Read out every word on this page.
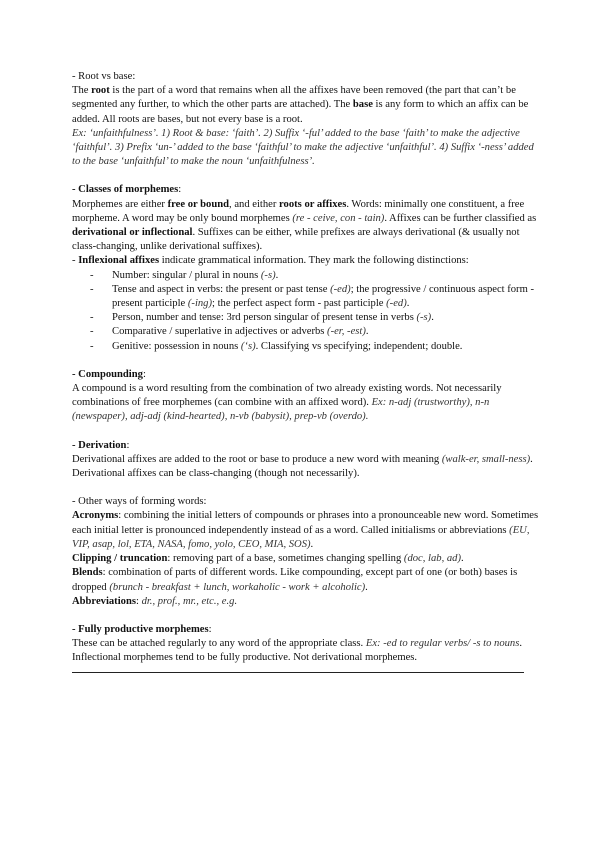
- Root vs base:
The root is the part of a word that remains when all the affixes have been removed (the part that can’t be segmented any further, to which the other parts are attached). The base is any form to which an affix can be added. All roots are bases, but not every base is a root.
Ex: ‘unfaithfulness’. 1) Root & base: ‘faith’. 2) Suffix ‘-ful’ added to the base ‘faith’ to make the adjective ‘faithful’. 3) Prefix ‘un-’ added to the base ‘faithful’ to make the adjective ‘unfaithful’. 4) Suffix ‘-ness’ added to the base ‘unfaithful’ to make the noun ‘unfaithfulness’.
- Classes of morphemes:
Morphemes are either free or bound, and either roots or affixes. Words: minimally one constituent, a free morpheme. A word may be only bound morphemes (re - ceive, con - tain). Affixes can be further classified as derivational or inflectional. Suffixes can be either, while prefixes are always derivational (& usually not class-changing, unlike derivational suffixes).
- Inflexional affixes indicate grammatical information. They mark the following distinctions:
- Number: singular / plural in nouns (-s).
- Tense and aspect in verbs: the present or past tense (-ed); the progressive / continuous aspect form - present participle (-ing); the perfect aspect form - past participle (-ed).
- Person, number and tense: 3rd person singular of present tense in verbs (-s).
- Comparative / superlative in adjectives or adverbs (-er, -est).
- Genitive: possession in nouns (‘s). Classifying vs specifying; independent; double.
- Compounding:
A compound is a word resulting from the combination of two already existing words. Not necessarily combinations of free morphemes (can combine with an affixed word). Ex: n-adj (trustworthy), n-n (newspaper), adj-adj (kind-hearted), n-vb (babysit), prep-vb (overdo).
- Derivation:
Derivational affixes are added to the root or base to produce a new word with meaning (walk-er, small-ness). Derivational affixes can be class-changing (though not necessarily).
- Other ways of forming words:
Acronyms: combining the initial letters of compounds or phrases into a pronounceable new word. Sometimes each initial letter is pronounced independently instead of as a word. Called initialisms or abbreviations (EU, VIP, asap, lol, ETA, NASA, fomo, yolo, CEO, MIA, SOS).
Clipping / truncation: removing part of a base, sometimes changing spelling (doc, lab, ad).
Blends: combination of parts of different words. Like compounding, except part of one (or both) bases is dropped (brunch - breakfast + lunch, workaholic - work + alcoholic).
Abbreviations: dr., prof., mr., etc., e.g.
- Fully productive morphemes:
These can be attached regularly to any word of the appropriate class. Ex: -ed to regular verbs/ -s to nouns. Inflectional morphemes tend to be fully productive. Not derivational morphemes.
